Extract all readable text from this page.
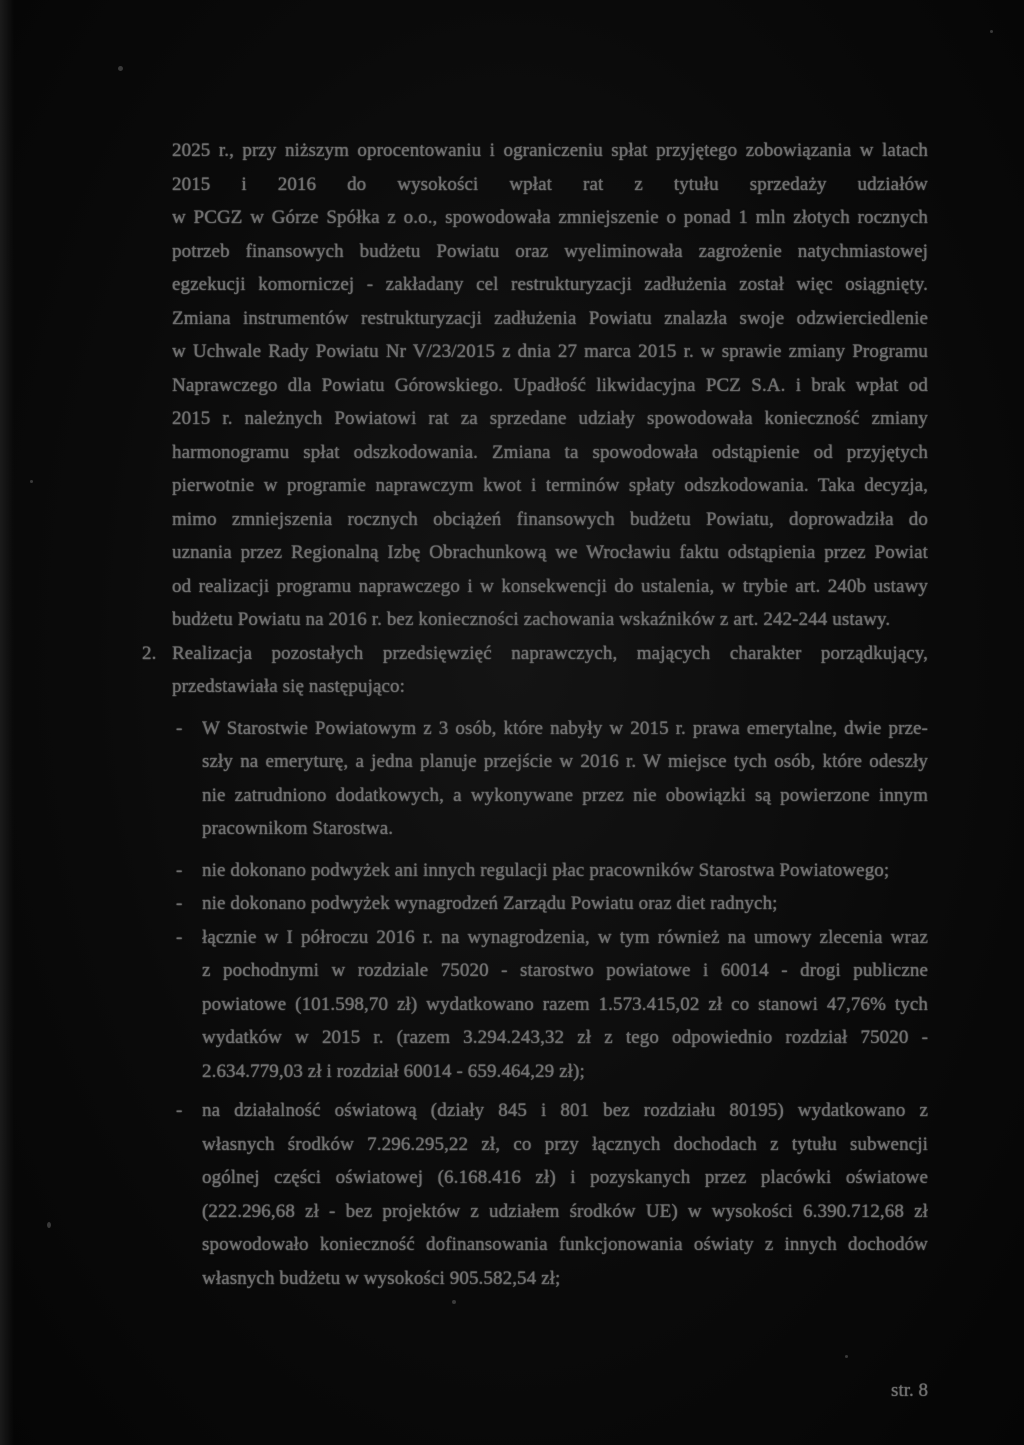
2025 r., przy niższym oprocentowaniu i ograniczeniu spłat przyjętego zobowiązania w latach
2015 i 2016 do wysokości wpłat rat z tytułu sprzedaży udziałów
w PCGZ w Górze Spółka z o.o., spowodowała zmniejszenie o ponad 1 mln złotych rocznych
potrzeb finansowych budżetu Powiatu oraz wyeliminowała zagrożenie natychmiastowej
egzekucji komorniczej - zakładany cel restrukturyzacji zadłużenia został więc osiągnięty.
Zmiana instrumentów restrukturyzacji zadłużenia Powiatu znalazła swoje odzwierciedlenie
w Uchwale Rady Powiatu Nr V/23/2015 z dnia 27 marca 2015 r. w sprawie zmiany Programu
Naprawczego dla Powiatu Górowskiego. Upadłość likwidacyjna PCZ S.A. i brak wpłat od
2015 r. należnych Powiatowi rat za sprzedane udziały spowodowała konieczność zmiany
harmonogramu spłat odszkodowania. Zmiana ta spowodowała odstąpienie od przyjętych
pierwotnie w programie naprawczym kwot i terminów spłaty odszkodowania. Taka decyzja,
mimo zmniejszenia rocznych obciążeń finansowych budżetu Powiatu, doprowadziła do
uznania przez Regionalną Izbę Obrachunkową we Wrocławiu faktu odstąpienia przez Powiat
od realizacji programu naprawczego i w konsekwencji do ustalenia, w trybie art. 240b ustawy
budżetu Powiatu na 2016 r. bez konieczności zachowania wskaźników z art. 242-244 ustawy.
2. Realizacja pozostałych przedsięwzięć naprawczych, mających charakter porządkujący,
przedstawiała się następująco:
- W Starostwie Powiatowym z 3 osób, które nabyły w 2015 r. prawa emerytalne, dwie prze-
szły na emeryturę, a jedna planuje przejście w 2016 r. W miejsce tych osób, które odeszły
nie zatrudniono dodatkowych, a wykonywane przez nie obowiązki są powierzone innym
pracownikom Starostwa.
- nie dokonano podwyżek ani innych regulacji płac pracowników Starostwa Powiatowego;
- nie dokonano podwyżek wynagrodzeń Zarządu Powiatu oraz diet radnych;
- łącznie w I półroczu 2016 r. na wynagrodzenia, w tym również na umowy zlecenia wraz
z pochodnymi w rozdziale 75020 - starostwo powiatowe i 60014 - drogi publiczne
powiatowe (101.598,70 zł) wydatkowano razem 1.573.415,02 zł co stanowi 47,76% tych
wydatków w 2015 r. (razem 3.294.243,32 zł z tego odpowiednio rozdział 75020 -
2.634.779,03 zł i rozdział 60014 - 659.464,29 zł);
- na działalność oświatową (działy 845 i 801 bez rozdziału 80195) wydatkowano z
własnych środków 7.296.295,22 zł, co przy łącznych dochodach z tytułu subwencji
ogólnej części oświatowej (6.168.416 zł) i pozyskanych przez placówki oświatowe
(222.296,68 zł - bez projektów z udziałem środków UE) w wysokości 6.390.712,68 zł
spowodowało konieczność dofinansowania funkcjonowania oświaty z innych dochodów
własnych budżetu w wysokości 905.582,54 zł;
str. 8
